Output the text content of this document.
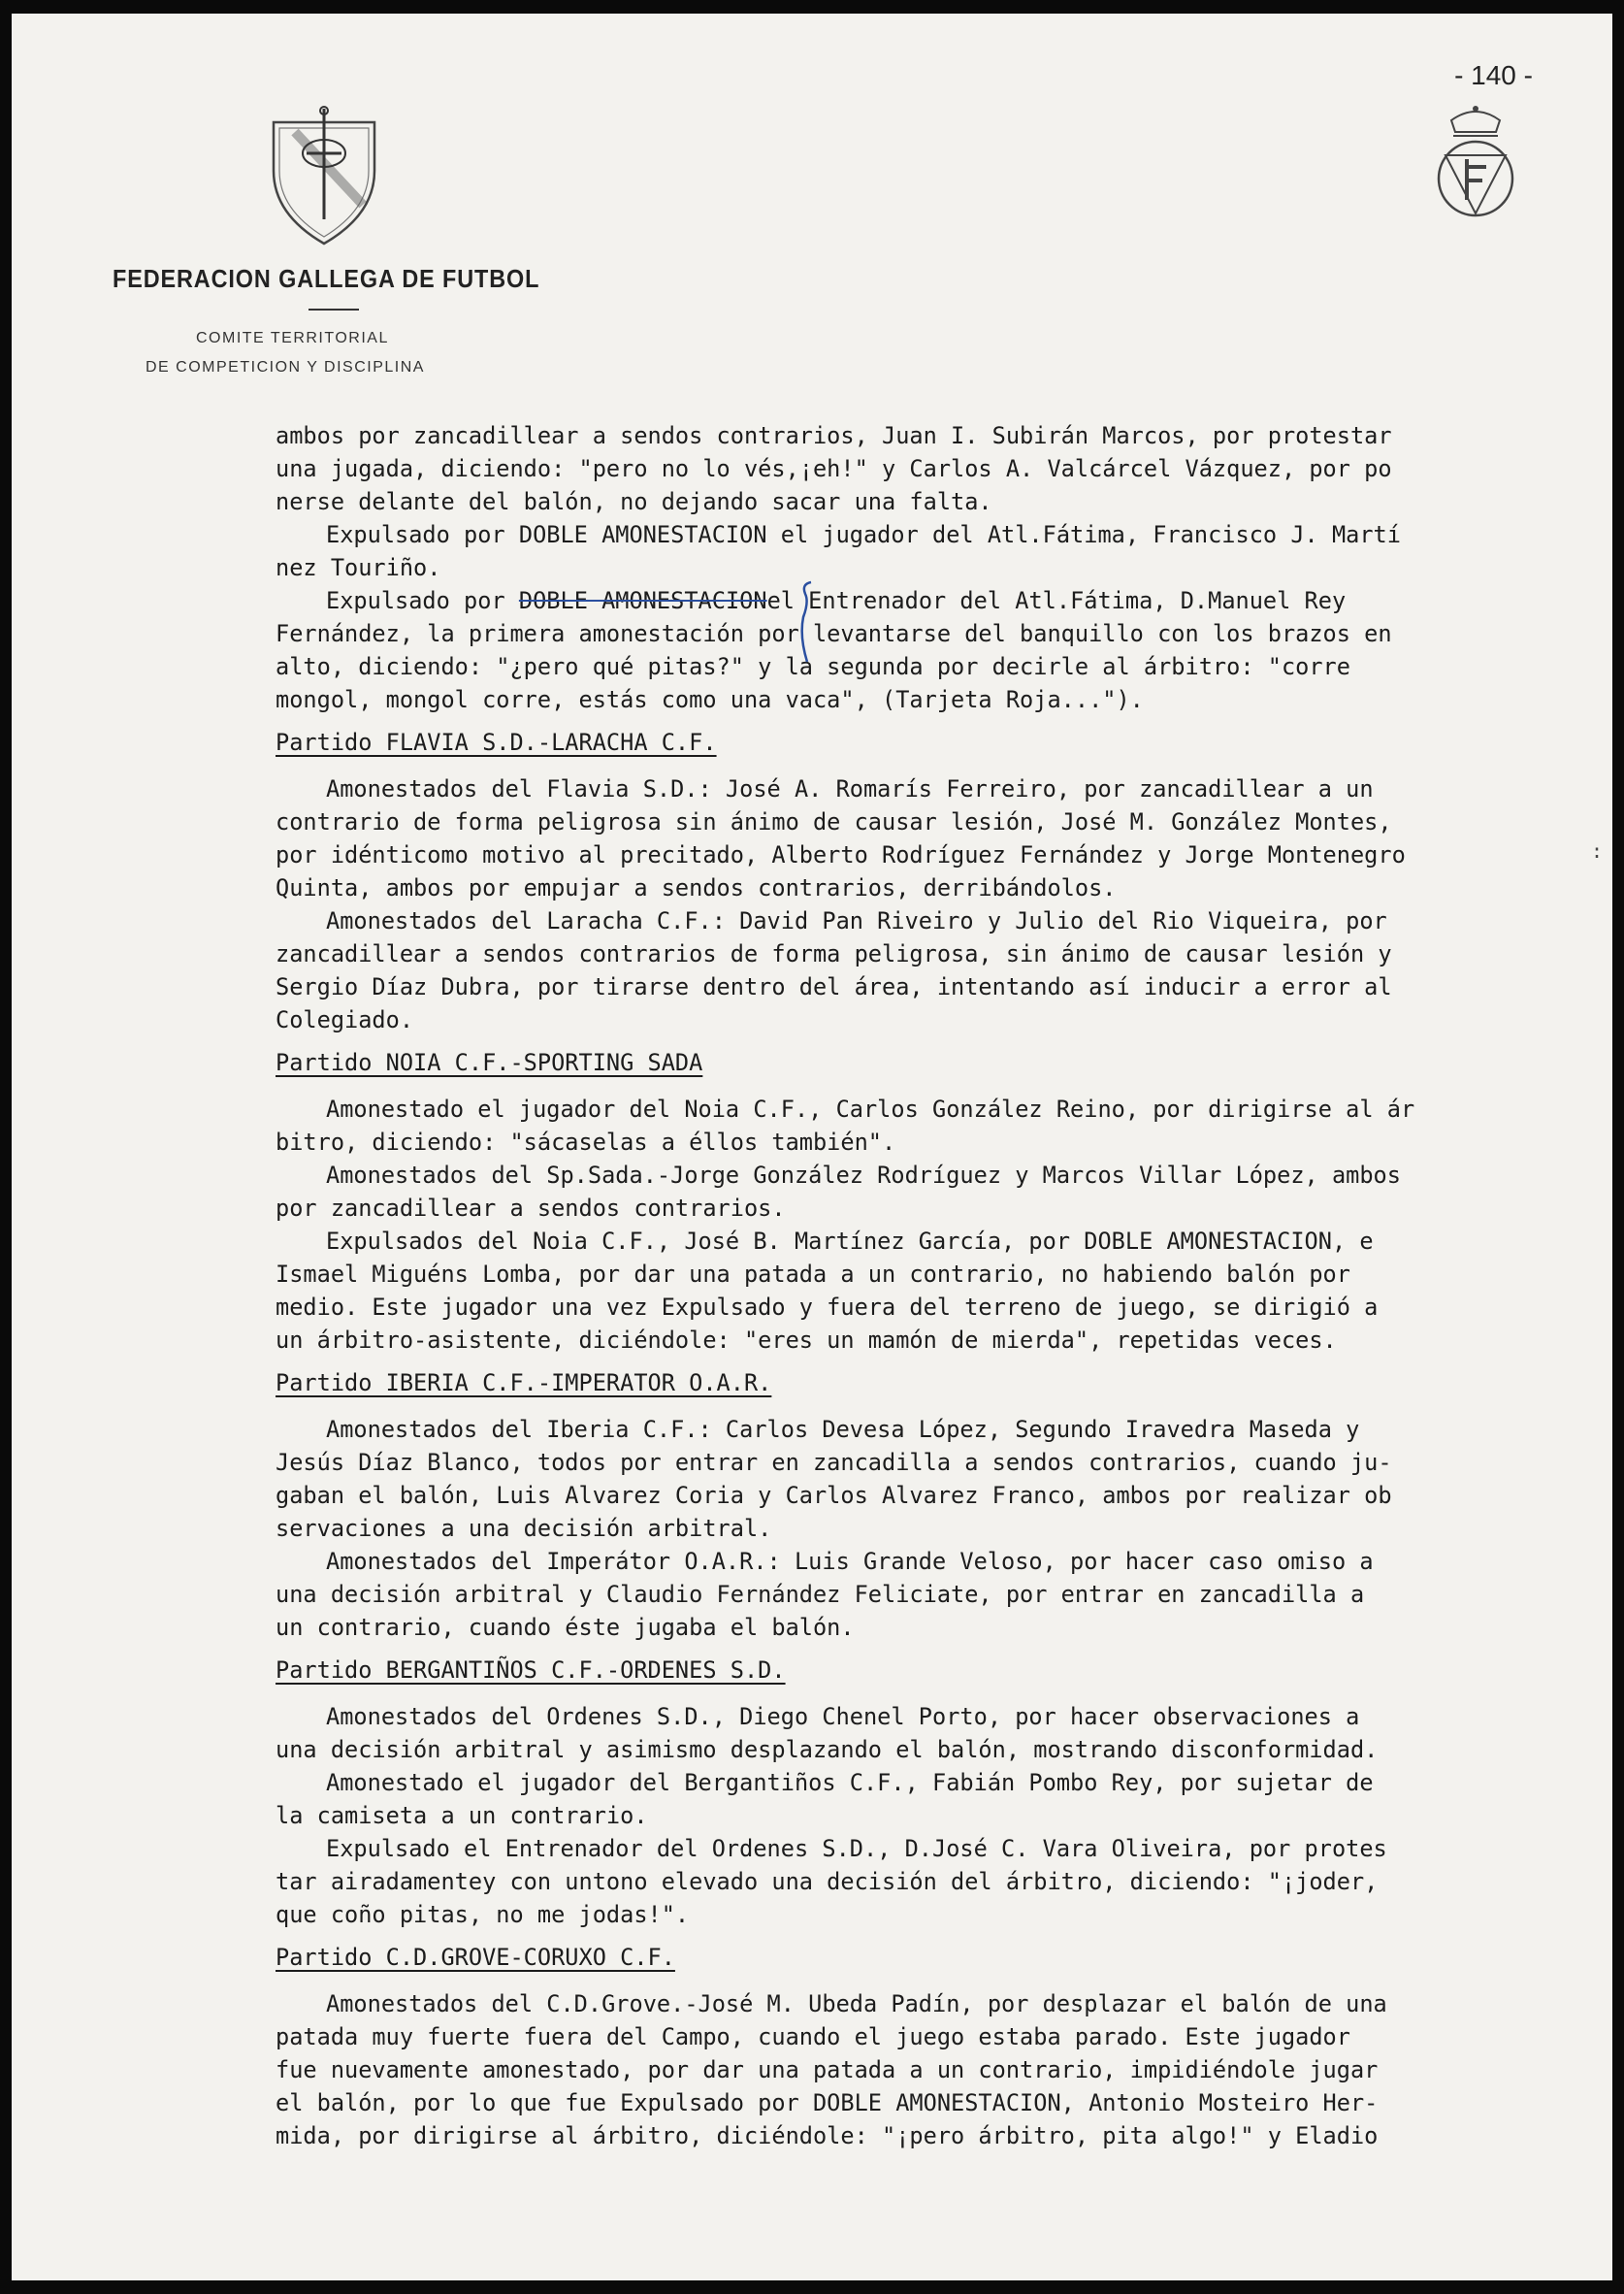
- 140 -
FEDERACION GALLEGA DE FUTBOL
COMITE TERRITORIAL
DE COMPETICION Y DISCIPLINA
:

ambos por zancadillear a sendos contrarios, Juan I. Subirán Marcos, por protestar

una jugada, diciendo: "pero no lo vés,¡eh!" y Carlos A. Valcárcel Vázquez, por po

nerse delante del balón, no dejando sacar una falta.

Expulsado por DOBLE AMONESTACION el jugador del Atl.Fátima, Francisco J. Martí

nez Touriño.

Expulsado por DOBLE AMONESTACIONel Entrenador del Atl.Fátima, D.Manuel Rey

Fernández, la primera amonestación por levantarse del banquillo con los brazos en

alto, diciendo: "¿pero qué pitas?" y la segunda por decirle al árbitro: "corre

mongol, mongol corre, estás como una vaca", (Tarjeta Roja...").

Partido FLAVIA S.D.-LARACHA C.F.

Amonestados del Flavia S.D.: José A. Romarís Ferreiro, por zancadillear a un

contrario de forma peligrosa sin ánimo de causar lesión, José M. González Montes,

por idénticomo motivo al precitado, Alberto Rodríguez Fernández y Jorge Montenegro

Quinta, ambos por empujar a sendos contrarios, derribándolos.

Amonestados del Laracha C.F.: David Pan Riveiro y Julio del Rio Viqueira, por

zancadillear a sendos contrarios de forma peligrosa, sin ánimo de causar lesión y

Sergio Díaz Dubra, por tirarse dentro del área, intentando así inducir a error al

Colegiado.

Partido NOIA C.F.-SPORTING SADA

Amonestado el jugador del Noia C.F., Carlos González Reino, por dirigirse al ár

bitro, diciendo: "sácaselas a éllos también".

Amonestados del Sp.Sada.-Jorge González Rodríguez y Marcos Villar López, ambos

por zancadillear a sendos contrarios.

Expulsados del Noia C.F., José B. Martínez García, por DOBLE AMONESTACION, e

Ismael Miguéns Lomba, por dar una patada a un contrario, no habiendo balón por

medio. Este jugador una vez Expulsado y fuera del terreno de juego, se dirigió a

un árbitro-asistente, diciéndole: "eres un mamón de mierda", repetidas veces.

Partido IBERIA C.F.-IMPERATOR O.A.R.

Amonestados del Iberia C.F.: Carlos Devesa López, Segundo Iravedra Maseda y

Jesús Díaz Blanco, todos por entrar en zancadilla a sendos contrarios, cuando ju-

gaban el balón, Luis Alvarez Coria y Carlos Alvarez Franco, ambos por realizar ob

servaciones a una decisión arbitral.

Amonestados del Imperátor O.A.R.: Luis Grande Veloso, por hacer caso omiso a

una decisión arbitral y Claudio Fernández Feliciate, por entrar en zancadilla a

un contrario, cuando éste jugaba el balón.

Partido BERGANTIÑOS C.F.-ORDENES S.D.

Amonestados del Ordenes S.D., Diego Chenel Porto, por hacer observaciones a

una decisión arbitral y asimismo desplazando el balón, mostrando disconformidad.

Amonestado el jugador del Bergantiños C.F., Fabián Pombo Rey, por sujetar de

la camiseta a un contrario.

Expulsado el Entrenador del Ordenes S.D., D.José C. Vara Oliveira, por protes

tar airadamentey con untono elevado una decisión del árbitro, diciendo: "¡joder,

que coño pitas, no me jodas!".

Partido C.D.GROVE-CORUXO C.F.

Amonestados del C.D.Grove.-José M. Ubeda Padín, por desplazar el balón de una

patada muy fuerte fuera del Campo, cuando el juego estaba parado. Este jugador

fue nuevamente amonestado, por dar una patada a un contrario, impidiéndole jugar

el balón, por lo que fue Expulsado por DOBLE AMONESTACION, Antonio Mosteiro Her-

mida, por dirigirse al árbitro, diciéndole: "¡pero árbitro, pita algo!" y Eladio
